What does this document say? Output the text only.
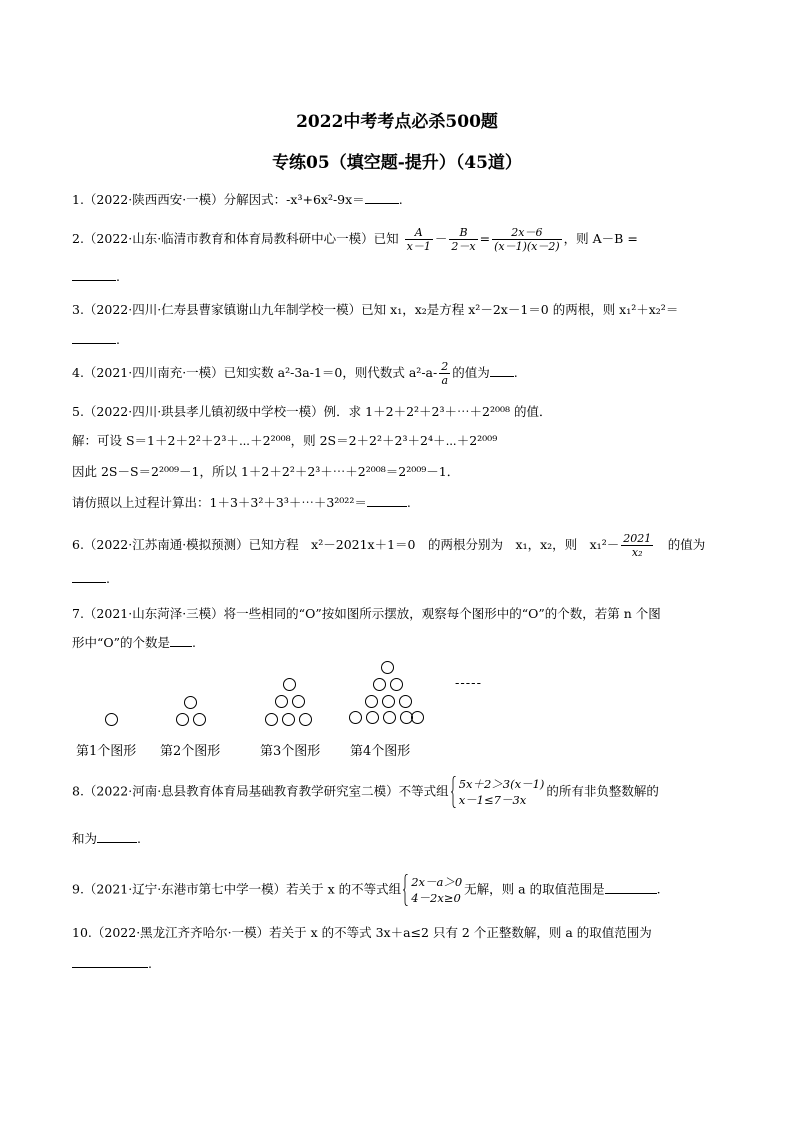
2022中考考点必杀500题
专练05（填空题-提升）（45道）
1.（2022·陕西西安·一模）分解因式：-x³+6x²-9x＝	.
2.（2022·山东·临清市教育和体育局教科研中心一模）已知 $\frac{A}{x-1} - \frac{B}{2-x} = \frac{2x-6}{(x-1)(x-2)}$ ，则 A－B =
.
3.（2022·四川·仁寿县曹家镇谢山九年制学校一模）已知 x₁，x₂是方程 x²－2x－1＝0 的两根，则 x₁²＋x₂²＝
.
4.（2021·四川南充·一模）已知实数 a²-3a-1＝0，则代数式 $a^2-a- \frac{2}{a}$ 的值为 .
5.（2022·四川·珙县孝儿镇初级中学校一模）例．求 1＋2＋2²＋2³＋⋯＋2²⁰⁰⁸ 的值．
解：可设 S＝1＋2＋2²＋2³＋⋯＋2²⁰⁰⁸，则 2S＝2＋2²＋2³＋2⁴＋⋯＋2²⁰⁰⁹
因此 2S－S＝2²⁰⁰⁹－1，所以 1＋2＋2²＋2³＋⋯＋2²⁰⁰⁸＝2²⁰⁰⁹－1．
请仿照以上过程计算出：1＋3＋3²＋3³＋⋯＋3²⁰²²＝	.
6.（2022·江苏南通·模拟预测）已知方程　x²－2021x＋1＝0　的两根分别为　x₁，x₂，则　$x_1^2- \frac{2021}{\text{x₂}}$ 　的值为
.
7.（2021·山东菏泽·三模）将一些相同的“O”按如图所示摆放，观察每个图形中的“O”的个数，若第 n 个图
形中“O”的个数是 .
-----
第1个图形 第2个图形	第3个图形 第4个图形
8.（2022·河南·息县教育体育局基础教育教学研究室二模）不等式组 5x＋2＞3(x－1)
x－1≤7－3x
的所有非负整数解的
和为	.
9.（2021·辽宁·东港市第七中学一模）若关于 x 的不等式组 2x－a＞0
4－2x≥0
无解，则 a 的取值范围是	.
10.（2022·黑龙江齐齐哈尔·一模）若关于 x 的不等式 3x＋a≤2 只有 2 个正整数解，则 a 的取值范围为
.
